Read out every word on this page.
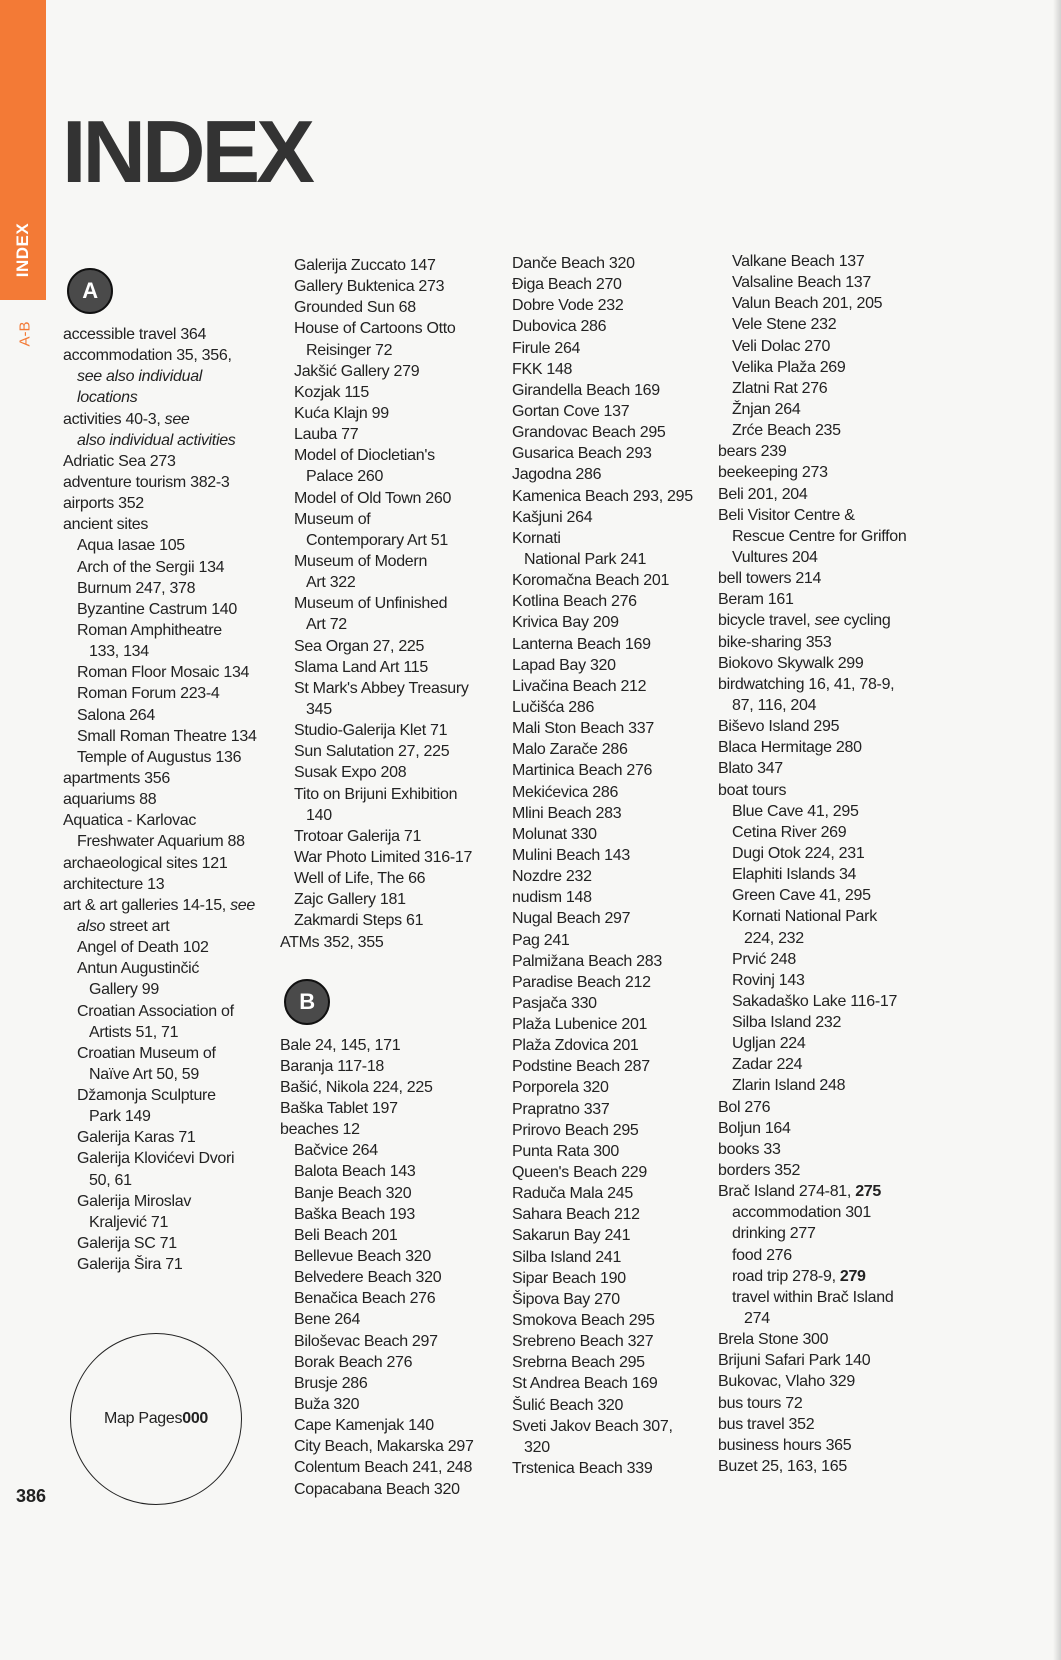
INDEX
A-B
INDEX
A
accessible travel 364
accommodation 35, 356,
see also individual
locations
activities 40-3, see
also individual activities
Adriatic Sea 273
adventure tourism 382-3
airports 352
ancient sites
Aqua Iasae 105
Arch of the Sergii 134
Burnum 247, 378
Byzantine Castrum 140
Roman Amphitheatre
133, 134
Roman Floor Mosaic 134
Roman Forum 223-4
Salona 264
Small Roman Theatre 134
Temple of Augustus 136
apartments 356
aquariums 88
Aquatica - Karlovac
Freshwater Aquarium 88
archaeological sites 121
architecture 13
art & art galleries 14-15, see
also street art
Angel of Death 102
Antun Augustinčić
Gallery 99
Croatian Association of
Artists 51, 71
Croatian Museum of
Naïve Art 50, 59
Džamonja Sculpture
Park 149
Galerija Karas 71
Galerija Klovićevi Dvori
50, 61
Galerija Miroslav
Kraljević 71
Galerija SC 71
Galerija Šira 71
Galerija Zuccato 147
Gallery Buktenica 273
Grounded Sun 68
House of Cartoons Otto
Reisinger 72
Jakšić Gallery 279
Kozjak 115
Kuća Klajn 99
Lauba 77
Model of Diocletian's
Palace 260
Model of Old Town 260
Museum of
Contemporary Art 51
Museum of Modern
Art 322
Museum of Unfinished
Art 72
Sea Organ 27, 225
Slama Land Art 115
St Mark's Abbey Treasury
345
Studio-Galerija Klet 71
Sun Salutation 27, 225
Susak Expo 208
Tito on Brijuni Exhibition
140
Trotoar Galerija 71
War Photo Limited 316-17
Well of Life, The 66
Zajc Gallery 181
Zakmardi Steps 61
ATMs 352, 355
B
Bale 24, 145, 171
Baranja 117-18
Bašić, Nikola 224, 225
Baška Tablet 197
beaches 12
Bačvice 264
Balota Beach 143
Banje Beach 320
Baška Beach 193
Beli Beach 201
Bellevue Beach 320
Belvedere Beach 320
Benačica Beach 276
Bene 264
Biloševac Beach 297
Borak Beach 276
Brusje 286
Buža 320
Cape Kamenjak 140
City Beach, Makarska 297
Colentum Beach 241, 248
Copacabana Beach 320
Danče Beach 320
Điga Beach 270
Dobre Vode 232
Dubovica 286
Firule 264
FKK 148
Girandella Beach 169
Gortan Cove 137
Grandovac Beach 295
Gusarica Beach 293
Jagodna 286
Kamenica Beach 293, 295
Kašjuni 264
Kornati
National Park 241
Koromačna Beach 201
Kotlina Beach 276
Krivica Bay 209
Lanterna Beach 169
Lapad Bay 320
Livačina Beach 212
Lučišća 286
Mali Ston Beach 337
Malo Zarače 286
Martinica Beach 276
Mekićevica 286
Mlini Beach 283
Molunat 330
Mulini Beach 143
Nozdre 232
nudism 148
Nugal Beach 297
Pag 241
Palmižana Beach 283
Paradise Beach 212
Pasjača 330
Plaža Lubenice 201
Plaža Zdovica 201
Podstine Beach 287
Porporela 320
Prapratno 337
Prirovo Beach 295
Punta Rata 300
Queen's Beach 229
Raduča Mala 245
Sahara Beach 212
Sakarun Bay 241
Silba Island 241
Sipar Beach 190
Šipova Bay 270
Smokova Beach 295
Srebreno Beach 327
Srebrna Beach 295
St Andrea Beach 169
Šulić Beach 320
Sveti Jakov Beach 307,
320
Trstenica Beach 339
Valkane Beach 137
Valsaline Beach 137
Valun Beach 201, 205
Vele Stene 232
Veli Dolac 270
Velika Plaža 269
Zlatni Rat 276
Žnjan 264
Zrće Beach 235
bears 239
beekeeping 273
Beli 201, 204
Beli Visitor Centre &
Rescue Centre for Griffon
Vultures 204
bell towers 214
Beram 161
bicycle travel, see cycling
bike-sharing 353
Biokovo Skywalk 299
birdwatching 16, 41, 78-9,
87, 116, 204
Biševo Island 295
Blaca Hermitage 280
Blato 347
boat tours
Blue Cave 41, 295
Cetina River 269
Dugi Otok 224, 231
Elaphiti Islands 34
Green Cave 41, 295
Kornati National Park
224, 232
Prvić 248
Rovinj 143
Sakadaško Lake 116-17
Silba Island 232
Ugljan 224
Zadar 224
Zlarin Island 248
Bol 276
Boljun 164
books 33
borders 352
Brač Island 274-81, 275
accommodation 301
drinking 277
food 276
road trip 278-9, 279
travel within Brač Island
274
Brela Stone 300
Brijuni Safari Park 140
Bukovac, Vlaho 329
bus tours 72
bus travel 352
business hours 365
Buzet 25, 163, 165
Map Pages 000
386
